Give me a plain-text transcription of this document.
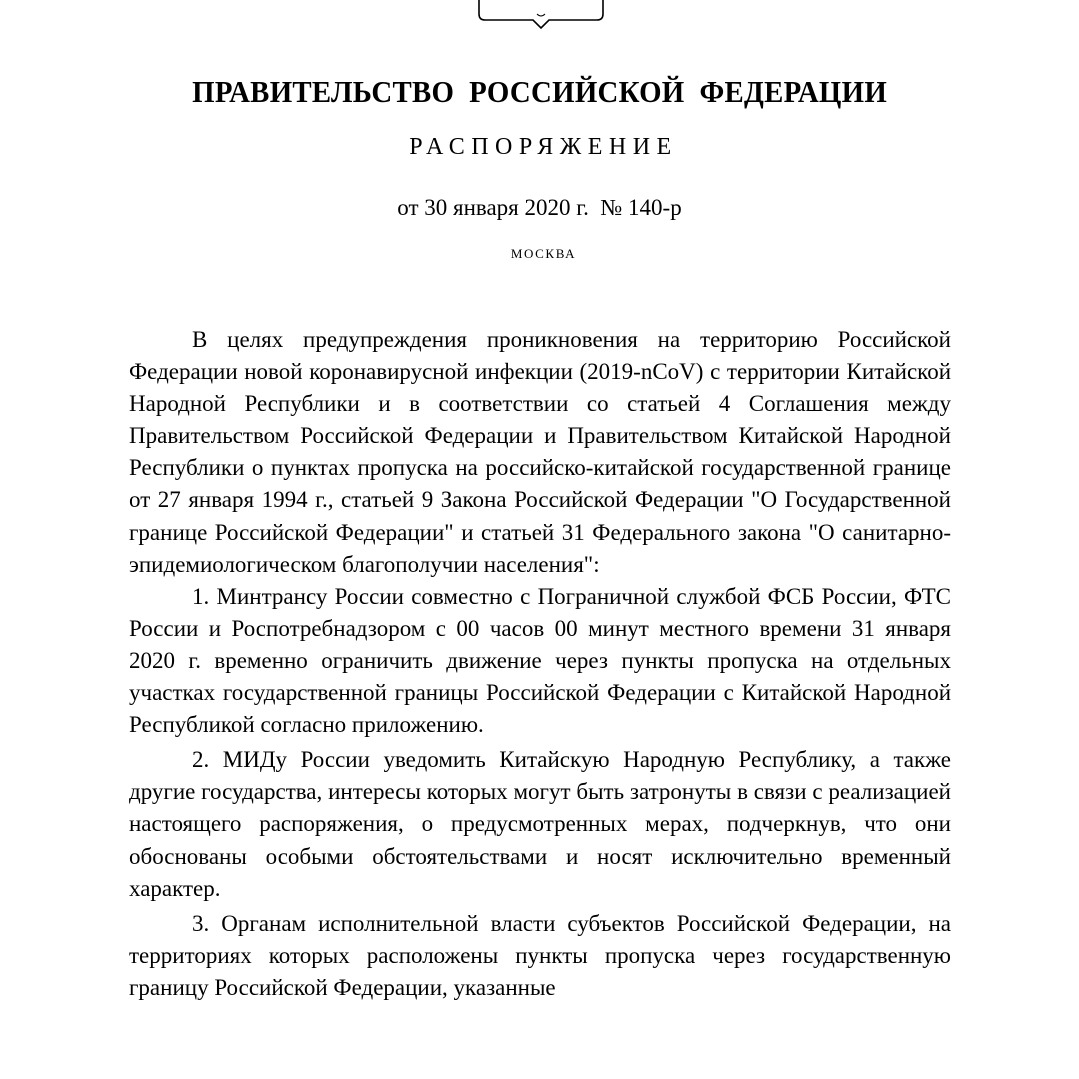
ПРАВИТЕЛЬСТВО РОССИЙСКОЙ ФЕДЕРАЦИИ
РАСПОРЯЖЕНИЕ
от 30 января 2020 г. № 140-р
МОСКВА

В целях предупреждения проникновения на территорию Российской Федерации новой коронавирусной инфекции (2019-nCoV) с территории Китайской Народной Республики и в соответствии со статьей 4 Соглашения между Правительством Российской Федерации и Правительством Китайской Народной Республики о пунктах пропуска на российско-китайской государственной границе от 27 января 1994 г., статьей 9 Закона Российской Федерации "О Государственной границе Российской Федерации" и статьей 31 Федерального закона "О санитарно-эпидемиологическом благополучии населения":

1. Минтрансу России совместно с Пограничной службой ФСБ России, ФТС России и Роспотребнадзором с 00 часов 00 минут местного времени 31 января 2020 г. временно ограничить движение через пункты пропуска на отдельных участках государственной границы Российской Федерации с Китайской Народной Республикой согласно приложению.

2. МИДу России уведомить Китайскую Народную Республику, а также другие государства, интересы которых могут быть затронуты в связи с реализацией настоящего распоряжения, о предусмотренных мерах, подчеркнув, что они обоснованы особыми обстоятельствами и носят исключительно временный характер.

3. Органам исполнительной власти субъектов Российской Федерации, на территориях которых расположены пункты пропуска через государственную границу Российской Федерации, указанные
